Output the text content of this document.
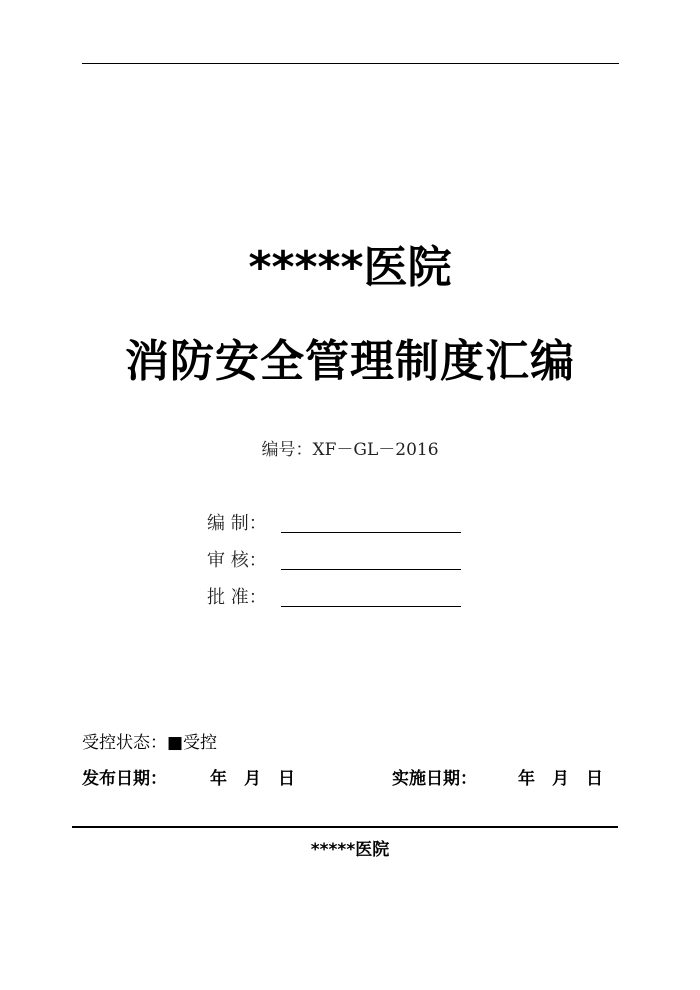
*****医院
消防安全管理制度汇编
编号：XF－GL－2016
编 制：
审 核：
批 准：
受控状态：■受控
发布日期：	年　月　日	实施日期： 年　月　日
*****医院
